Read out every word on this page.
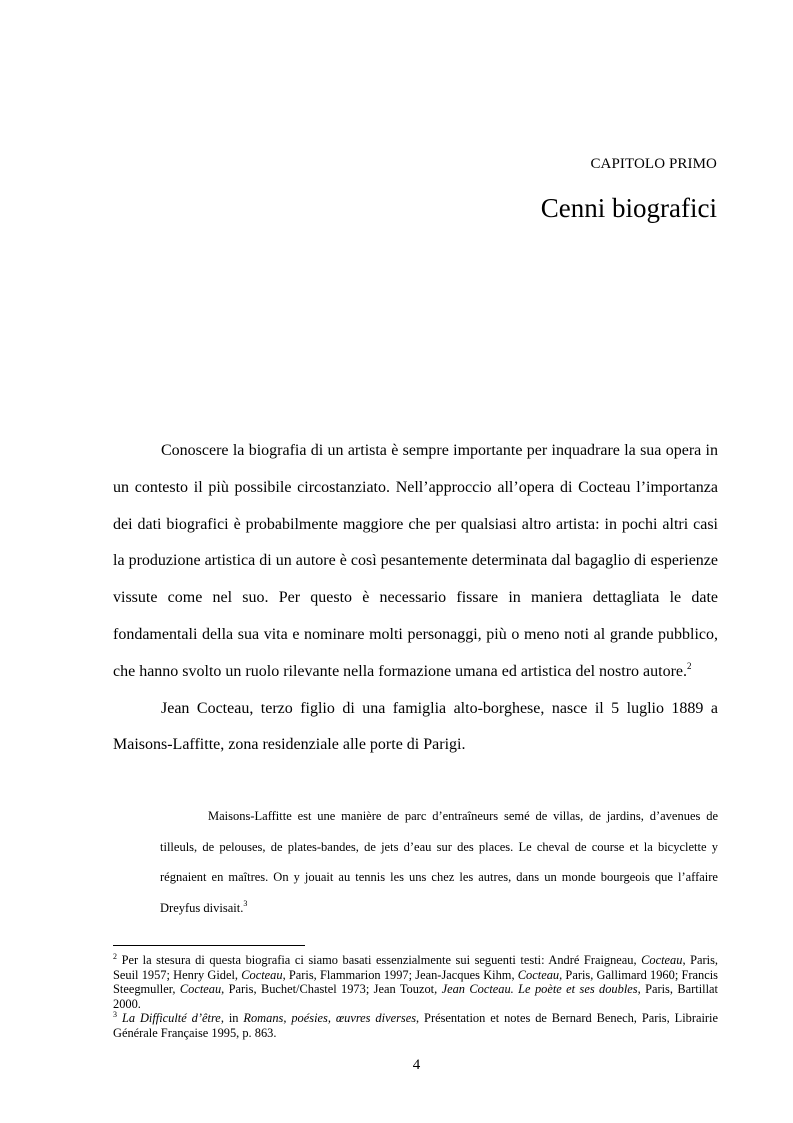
CAPITOLO PRIMO
Cenni biografici

Conoscere la biografia di un artista è sempre importante per inquadrare la sua opera in un contesto il più possibile circostanziato. Nell’approccio all’opera di Cocteau l’importanza dei dati biografici è probabilmente maggiore che per qualsiasi altro artista: in pochi altri casi la produzione artistica di un autore è così pesantemente determinata dal bagaglio di esperienze vissute come nel suo. Per questo è necessario fissare in maniera dettagliata le date fondamentali della sua vita e nominare molti personaggi, più o meno noti al grande pubblico, che hanno svolto un ruolo rilevante nella formazione umana ed artistica del nostro autore.$^2$

Jean Cocteau, terzo figlio di una famiglia alto-borghese, nasce il 5 luglio 1889 a Maisons-Laffitte, zona residenziale alle porte di Parigi.

Maisons-Laffitte est une manière de parc d’entraîneurs semé de villas, de jardins, d’avenues de tilleuls, de pelouses, de plates-bandes, de jets d’eau sur des places. Le cheval de course et la bicyclette y régnaient en maîtres. On y jouait au tennis les uns chez les autres, dans un monde bourgeois que l’affaire Dreyfus divisait.$^3$

$^2$ Per la stesura di questa biografia ci siamo basati essenzialmente sui seguenti testi: André Fraigneau, Cocteau, Paris, Seuil 1957; Henry Gidel, Cocteau, Paris, Flammarion 1997; Jean-Jacques Kihm, Cocteau, Paris, Gallimard 1960; Francis Steegmuller, Cocteau, Paris, Buchet/Chastel 1973; Jean Touzot, Jean Cocteau. Le poète et ses doubles, Paris, Bartillat 2000.

$^3$ La Difficulté d’être, in Romans, poésies, œuvres diverses, Présentation et notes de Bernard Benech, Paris, Librairie Générale Française 1995, p. 863.

4
